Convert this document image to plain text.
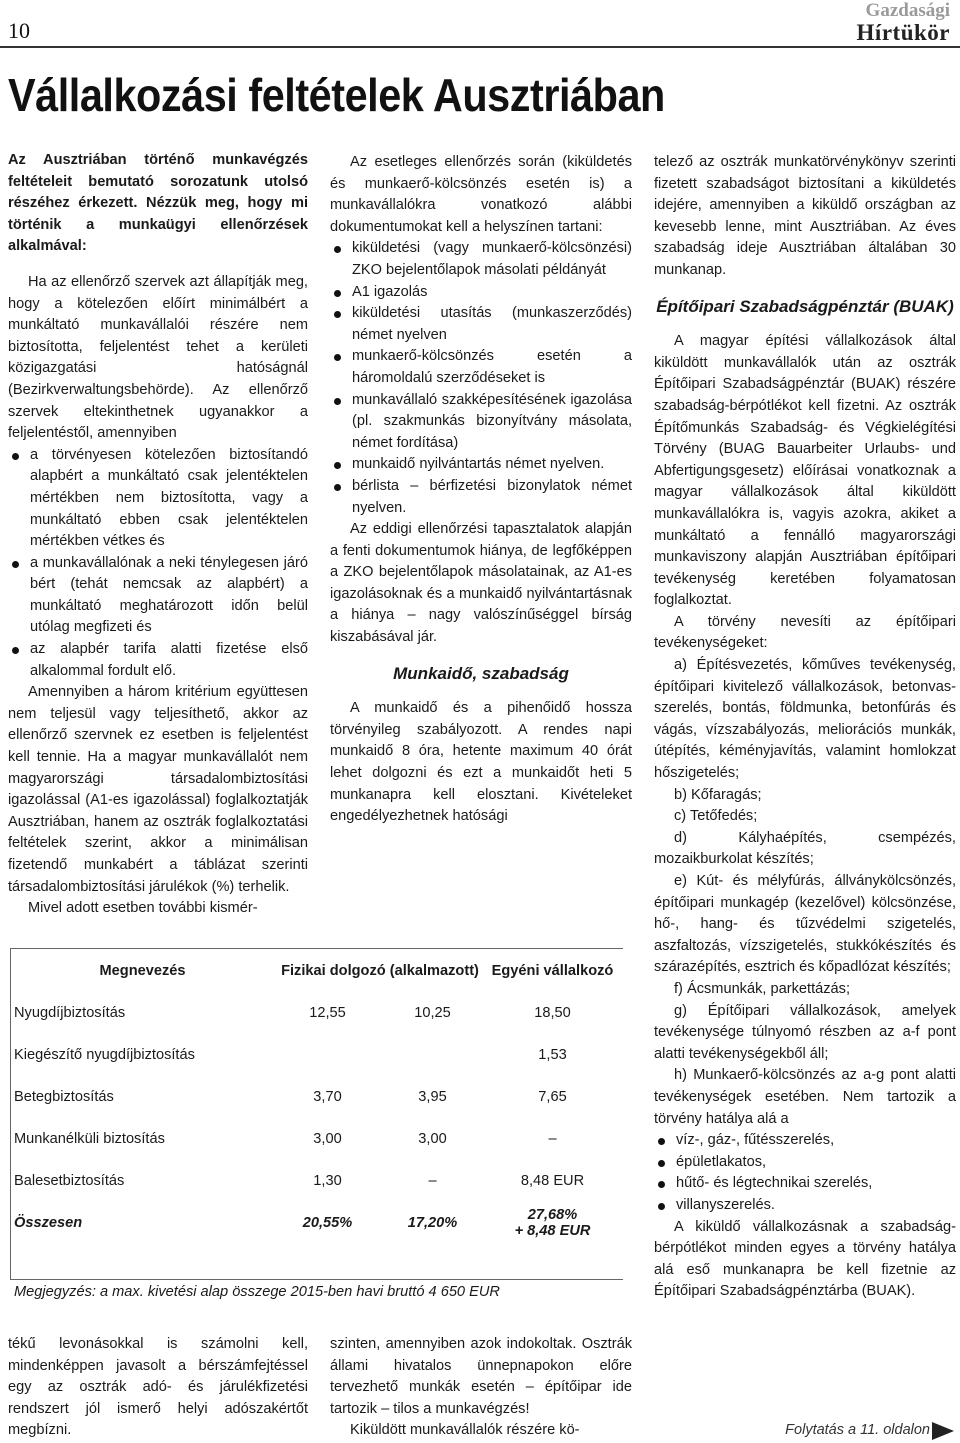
10
Gazdasági
Hírtükör
Vállalkozási feltételek Ausztriában

Az Ausztriában történő munkavégzés feltételeit bemutató sorozatunk utolsó részéhez érkezett. Nézzük meg, hogy mi történik a munkaügyi ellenőrzések alkalmával:

Ha az ellenőrző szervek azt állapítják meg, hogy a kötelezően előírt minimálbért a munkáltató munkavállalói részére nem biztosította, feljelentést tehet a kerületi közigazgatási hatóságnál (Bezirkverwaltungsbehörde). Az ellenőrző szervek eltekinthetnek ugyanakkor a feljelentéstől, amennyiben

a törvényesen kötelezően biztosítandó alapbért a munkáltató csak jelentéktelen mértékben nem biztosította, vagy a munkáltató ebben csak jelentéktelen mértékben vétkes és
a munkavállalónak a neki ténylegesen járó bért (tehát nemcsak az alapbért) a munkáltató meghatározott időn belül utólag megfizeti és
az alapbér tarifa alatti fizetése első alkalommal fordult elő.

Amennyiben a három kritérium együttesen nem teljesül vagy teljesíthető, akkor az ellenőrző szervnek ez esetben is feljelentést kell tennie. Ha a magyar munkavállalót nem magyarországi társadalombiztosítási igazolással (A1-es igazolással) foglalkoztatják Ausztriában, hanem az osztrák foglalkoztatási feltételek szerint, akkor a minimálisan fizetendő munkabért a táblázat szerinti társadalombiztosítási járulékok (%) terhelik.

Mivel adott esetben további kismér-

Az esetleges ellenőrzés során (kiküldetés és munkaerő-kölcsönzés esetén is) a munkavállalókra vonatkozó alábbi dokumentumokat kell a helyszínen tartani:

kiküldetési (vagy munkaerő-kölcsönzési) ZKO bejelentőlapok másolati példányát
A1 igazolás
kiküldetési utasítás (munkaszerződés) német nyelven
munkaerő-kölcsönzés esetén a háromoldalú szerződéseket is
munkavállaló szakképesítésének igazolása (pl. szakmunkás bizonyítvány másolata, német fordítása)
munkaidő nyilvántartás német nyelven.
bérlista – bérfizetési bizonylatok német nyelven.

Az eddigi ellenőrzési tapasztalatok alapján a fenti dokumentumok hiánya, de legfőképpen a ZKO bejelentőlapok másolatainak, az A1-es igazolásoknak és a munkaidő nyilvántartásnak a hiánya – nagy valószínűséggel bírság kiszabásával jár.

Munkaidő, szabadság

A munkaidő és a pihenőidő hossza törvényileg szabályozott. A rendes napi munkaidő 8 óra, hetente maximum 40 órát lehet dolgozni és ezt a munkaidőt heti 5 munkanapra kell elosztani. Kivételeket engedélyezhetnek hatósági

telező az osztrák munkatörvénykönyv szerinti fizetett szabadságot biztosítani a kiküldetés idejére, amennyiben a kiküldő országban az kevesebb lenne, mint Ausztriában. Az éves szabadság ideje Ausztriában általában 30 munkanap.

Építőipari Szabadságpénztár (BUAK)

A magyar építési vállalkozások által kiküldött munkavállalók után az osztrák Építőipari Szabadságpénztár (BUAK) részére szabadság-bérpótlékot kell fizetni. Az osztrák Építőmunkás Szabadság- és Végkielégítési Törvény (BUAG Bauarbeiter Urlaubs- und Abfertigungsgesetz) előírásai vonatkoznak a magyar vállalkozások által kiküldött munkavállalókra is, vagyis azokra, akiket a munkáltató a fennálló magyarországi munkaviszony alapján Ausztriában építőipari tevékenység keretében folyamatosan foglalkoztat.

A törvény nevesíti az építőipari tevékenységeket:

a) Építésvezetés, kőműves tevékenység, építőipari kivitelező vállalkozások, betonvas-szerelés, bontás, földmunka, betonfúrás és vágás, vízszabályozás, meliorációs munkák, útépítés, kéményjavítás, valamint homlokzat hőszigetelés;

b) Kőfaragás;

c) Tetőfedés;

d) Kályhaépítés, csempézés, mozaikburkolat készítés;

e) Kút- és mélyfúrás, állványkölcsönzés, építőipari munkagép (kezelővel) kölcsönzése, hő-, hang- és tűzvédelmi szigetelés, aszfaltozás, vízszigetelés, stukkókészítés és szárazépítés, esztrich és kőpadlózat készítés;

f) Ácsmunkák, parkettázás;

g) Építőipari vállalkozások, amelyek tevékenysége túlnyomó részben az a-f pont alatti tevékenységekből áll;

h) Munkaerő-kölcsönzés az a-g pont alatti tevékenységek esetében. Nem tartozik a törvény hatálya alá a

víz-, gáz-, fűtésszerelés,
épületlakatos,
hűtő- és légtechnikai szerelés,
villanyszerelés.

A kiküldő vállalkozásnak a szabadság-bérpótlékot minden egyes a törvény hatálya alá eső munkanapra be kell fizetnie az Építőipari Szabadságpénztárba (BUAK).

Megnevezés	Fizikai dolgozó (alkalmazott)		Egyéni vállalkozó
Nyugdíjbiztosítás	12,55	10,25	18,50
Kiegészítő nyugdíjbiztosítás			1,53
Betegbiztosítás	3,70	3,95	7,65
Munkanélküli biztosítás	3,00	3,00	–
Balesetbiztosítás	1,30	–	8,48 EUR
Összesen	20,55%	17,20%	27,68%
+ 8,48 EUR
Megjegyzés: a max. kivetési alap összege 2015-ben havi bruttó 4 650 EUR

tékű levonásokkal is számolni kell, mindenképpen javasolt a bérszámfejtéssel egy az osztrák adó- és járulékfizetési rendszert jól ismerő helyi adószakértőt megbízni.

szinten, amennyiben azok indokoltak. Osztrák állami hivatalos ünnepnapokon előre tervezhető munkák esetén – építőipar ide tartozik – tilos a munkavégzés!

Kiküldött munkavállalók részére kö-	Folytatás a 11. oldalon
